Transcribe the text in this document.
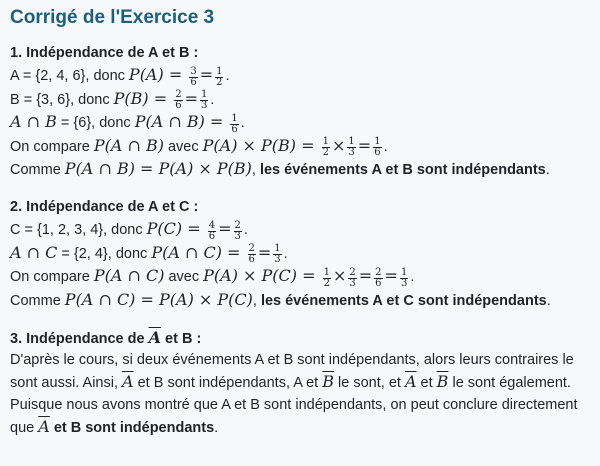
Corrigé de l'Exercice 3
1. Indépendance de A et B :
A = {2, 4, 6}, donc $P(A) = \frac{3}{6} = \frac{1}{2}$ .
B = {3, 6}, donc $P(B) = \frac{2}{6} = \frac{1}{3}$ .
A ∩ B = {6}, donc P(A ∩ $B) = \frac{1}{6}$ .
On compare P(A ∩ B) avec $P(A) \times P(B) = \frac{1}{2} \times \frac{1}{3} = \frac{1}{6}$ .
Comme P(A ∩ B) = P(A) × P(B), les événements A et B sont indépendants.
2. Indépendance de A et C :
C = {1, 2, 3, 4}, donc $P(C) = \frac{4}{6} = \frac{2}{3}$ .
A ∩ C = {2, 4}, donc P(A ∩ $C) = \frac{2}{6} = \frac{1}{3}$ .
On compare P(A ∩ C) avec $P(A) \times P(C) = \frac{1}{2} \times \frac{2}{3} = \frac{2}{6} = \frac{1}{3}$ .
Comme P(A ∩ C) = P(A) × P(C), les événements A et C sont indépendants.
3. Indépendance de $\overline{A}$ et B :
D'après le cours, si deux événements A et B sont indépendants, alors leurs contraires le sont aussi. Ainsi, $\overline{A}$ et B sont indépendants, A et $\overline{B}$ le sont, et $\overline{A}$ et $\overline{B}$ le sont également.
Puisque nous avons montré que A et B sont indépendants, on peut conclure directement que $\overline{A}$ et B sont indépendants.
